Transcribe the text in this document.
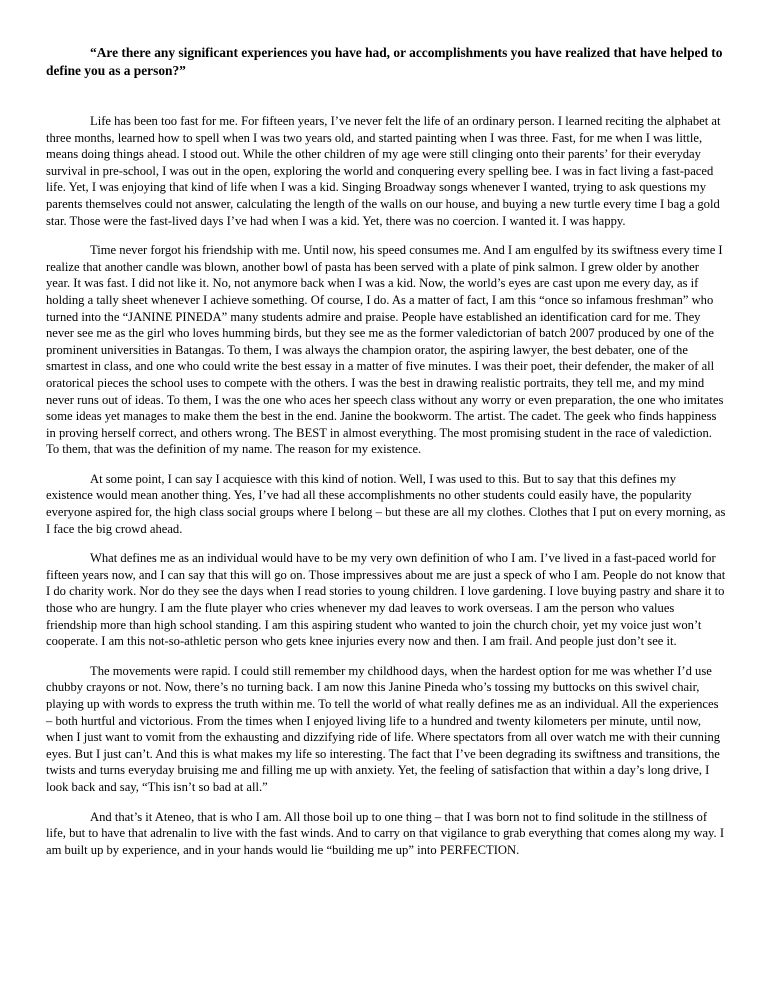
“Are there any significant experiences you have had, or accomplishments you have realized that have helped to define you as a person?”

Life has been too fast for me. For fifteen years, I’ve never felt the life of an ordinary person. I learned reciting the alphabet at three months, learned how to spell when I was two years old, and started painting when I was three. Fast, for me when I was little, means doing things ahead. I stood out. While the other children of my age were still clinging onto their parents’ for their everyday survival in pre-school, I was out in the open, exploring the world and conquering every spelling bee. I was in fact living a fast-paced life. Yet, I was enjoying that kind of life when I was a kid. Singing Broadway songs whenever I wanted, trying to ask questions my parents themselves could not answer, calculating the length of the walls on our house, and buying a new turtle every time I bag a gold star. Those were the fast-lived days I’ve had when I was a kid. Yet, there was no coercion. I wanted it. I was happy.

Time never forgot his friendship with me. Until now, his speed consumes me. And I am engulfed by its swiftness every time I realize that another candle was blown, another bowl of pasta has been served with a plate of pink salmon. I grew older by another year. It was fast. I did not like it. No, not anymore back when I was a kid. Now, the world’s eyes are cast upon me every day, as if holding a tally sheet whenever I achieve something. Of course, I do. As a matter of fact, I am this “once so infamous freshman” who turned into the “JANINE PINEDA” many students admire and praise. People have established an identification card for me. They never see me as the girl who loves humming birds, but they see me as the former valedictorian of batch 2007 produced by one of the prominent universities in Batangas. To them, I was always the champion orator, the aspiring lawyer, the best debater, one of the smartest in class, and one who could write the best essay in a matter of five minutes. I was their poet, their defender, the maker of all oratorical pieces the school uses to compete with the others. I was the best in drawing realistic portraits, they tell me, and my mind never runs out of ideas. To them, I was the one who aces her speech class without any worry or even preparation, the one who imitates some ideas yet manages to make them the best in the end. Janine the bookworm. The artist. The cadet. The geek who finds happiness in proving herself correct, and others wrong. The BEST in almost everything. The most promising student in the race of valediction. To them, that was the definition of my name. The reason for my existence.

At some point, I can say I acquiesce with this kind of notion. Well, I was used to this. But to say that this defines my existence would mean another thing. Yes, I’ve had all these accomplishments no other students could easily have, the popularity everyone aspired for, the high class social groups where I belong – but these are all my clothes. Clothes that I put on every morning, as I face the big crowd ahead.

What defines me as an individual would have to be my very own definition of who I am. I’ve lived in a fast-paced world for fifteen years now, and I can say that this will go on. Those impressives about me are just a speck of who I am. People do not know that I do charity work. Nor do they see the days when I read stories to young children. I love gardening. I love buying pastry and share it to those who are hungry. I am the flute player who cries whenever my dad leaves to work overseas. I am the person who values friendship more than high school standing. I am this aspiring student who wanted to join the church choir, yet my voice just won’t cooperate. I am this not-so-athletic person who gets knee injuries every now and then. I am frail. And people just don’t see it.

The movements were rapid. I could still remember my childhood days, when the hardest option for me was whether I’d use chubby crayons or not. Now, there’s no turning back. I am now this Janine Pineda who’s tossing my buttocks on this swivel chair, playing up with words to express the truth within me. To tell the world of what really defines me as an individual. All the experiences – both hurtful and victorious. From the times when I enjoyed living life to a hundred and twenty kilometers per minute, until now, when I just want to vomit from the exhausting and dizzifying ride of life. Where spectators from all over watch me with their cunning eyes. But I just can’t. And this is what makes my life so interesting. The fact that I’ve been degrading its swiftness and transitions, the twists and turns everyday bruising me and filling me up with anxiety. Yet, the feeling of satisfaction that within a day’s long drive, I look back and say, “This isn’t so bad at all.”

And that’s it Ateneo, that is who I am. All those boil up to one thing – that I was born not to find solitude in the stillness of life, but to have that adrenalin to live with the fast winds. And to carry on that vigilance to grab everything that comes along my way. I am built up by experience, and in your hands would lie “building me up” into PERFECTION.
